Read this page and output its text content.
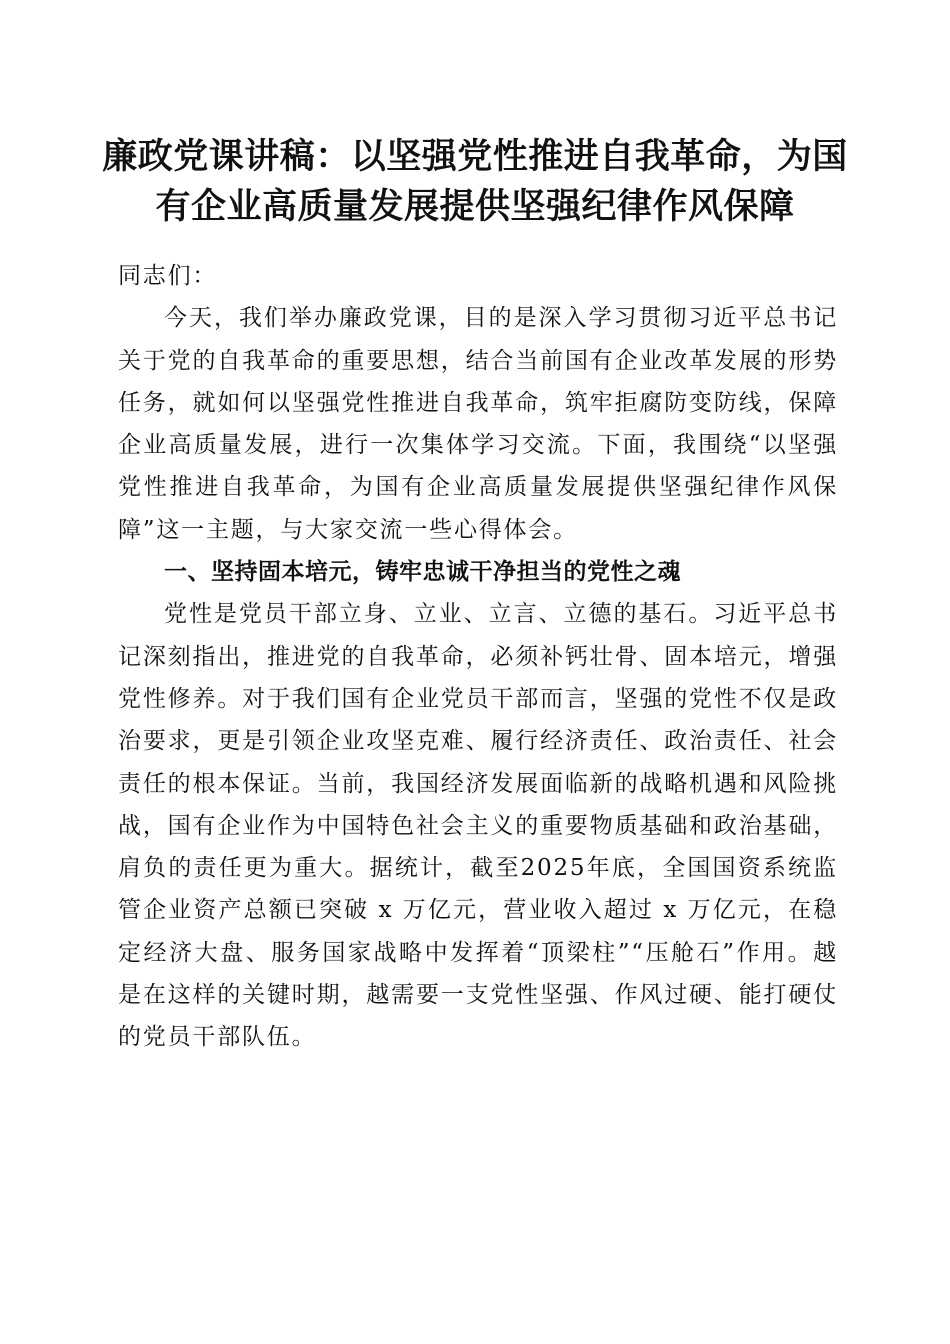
廉政党课讲稿：以坚强党性推进自我革命，为国有企业高质量发展提供坚强纪律作风保障

同志们：

今天，我们举办廉政党课，目的是深入学习贯彻习近平总书记关于党的自我革命的重要思想，结合当前国有企业改革发展的形势任务，就如何以坚强党性推进自我革命，筑牢拒腐防变防线，保障企业高质量发展，进行一次集体学习交流。下面，我围绕“以坚强党性推进自我革命，为国有企业高质量发展提供坚强纪律作风保障”这一主题，与大家交流一些心得体会。

一、坚持固本培元，铸牢忠诚干净担当的党性之魂

党性是党员干部立身、立业、立言、立德的基石。习近平总书记深刻指出，推进党的自我革命，必须补钙壮骨、固本培元，增强党性修养。对于我们国有企业党员干部而言，坚强的党性不仅是政治要求，更是引领企业攻坚克难、履行经济责任、政治责任、社会责任的根本保证。当前，我国经济发展面临新的战略机遇和风险挑战，国有企业作为中国特色社会主义的重要物质基础和政治基础，肩负的责任更为重大。据统计，截至2025年底，全国国资系统监管企业资产总额已突破 x 万亿元，营业收入超过 x 万亿元，在稳定经济大盘、服务国家战略中发挥着“顶梁柱”“压舱石”作用。越是在这样的关键时期，越需要一支党性坚强、作风过硬、能打硬仗的党员干部队伍。
